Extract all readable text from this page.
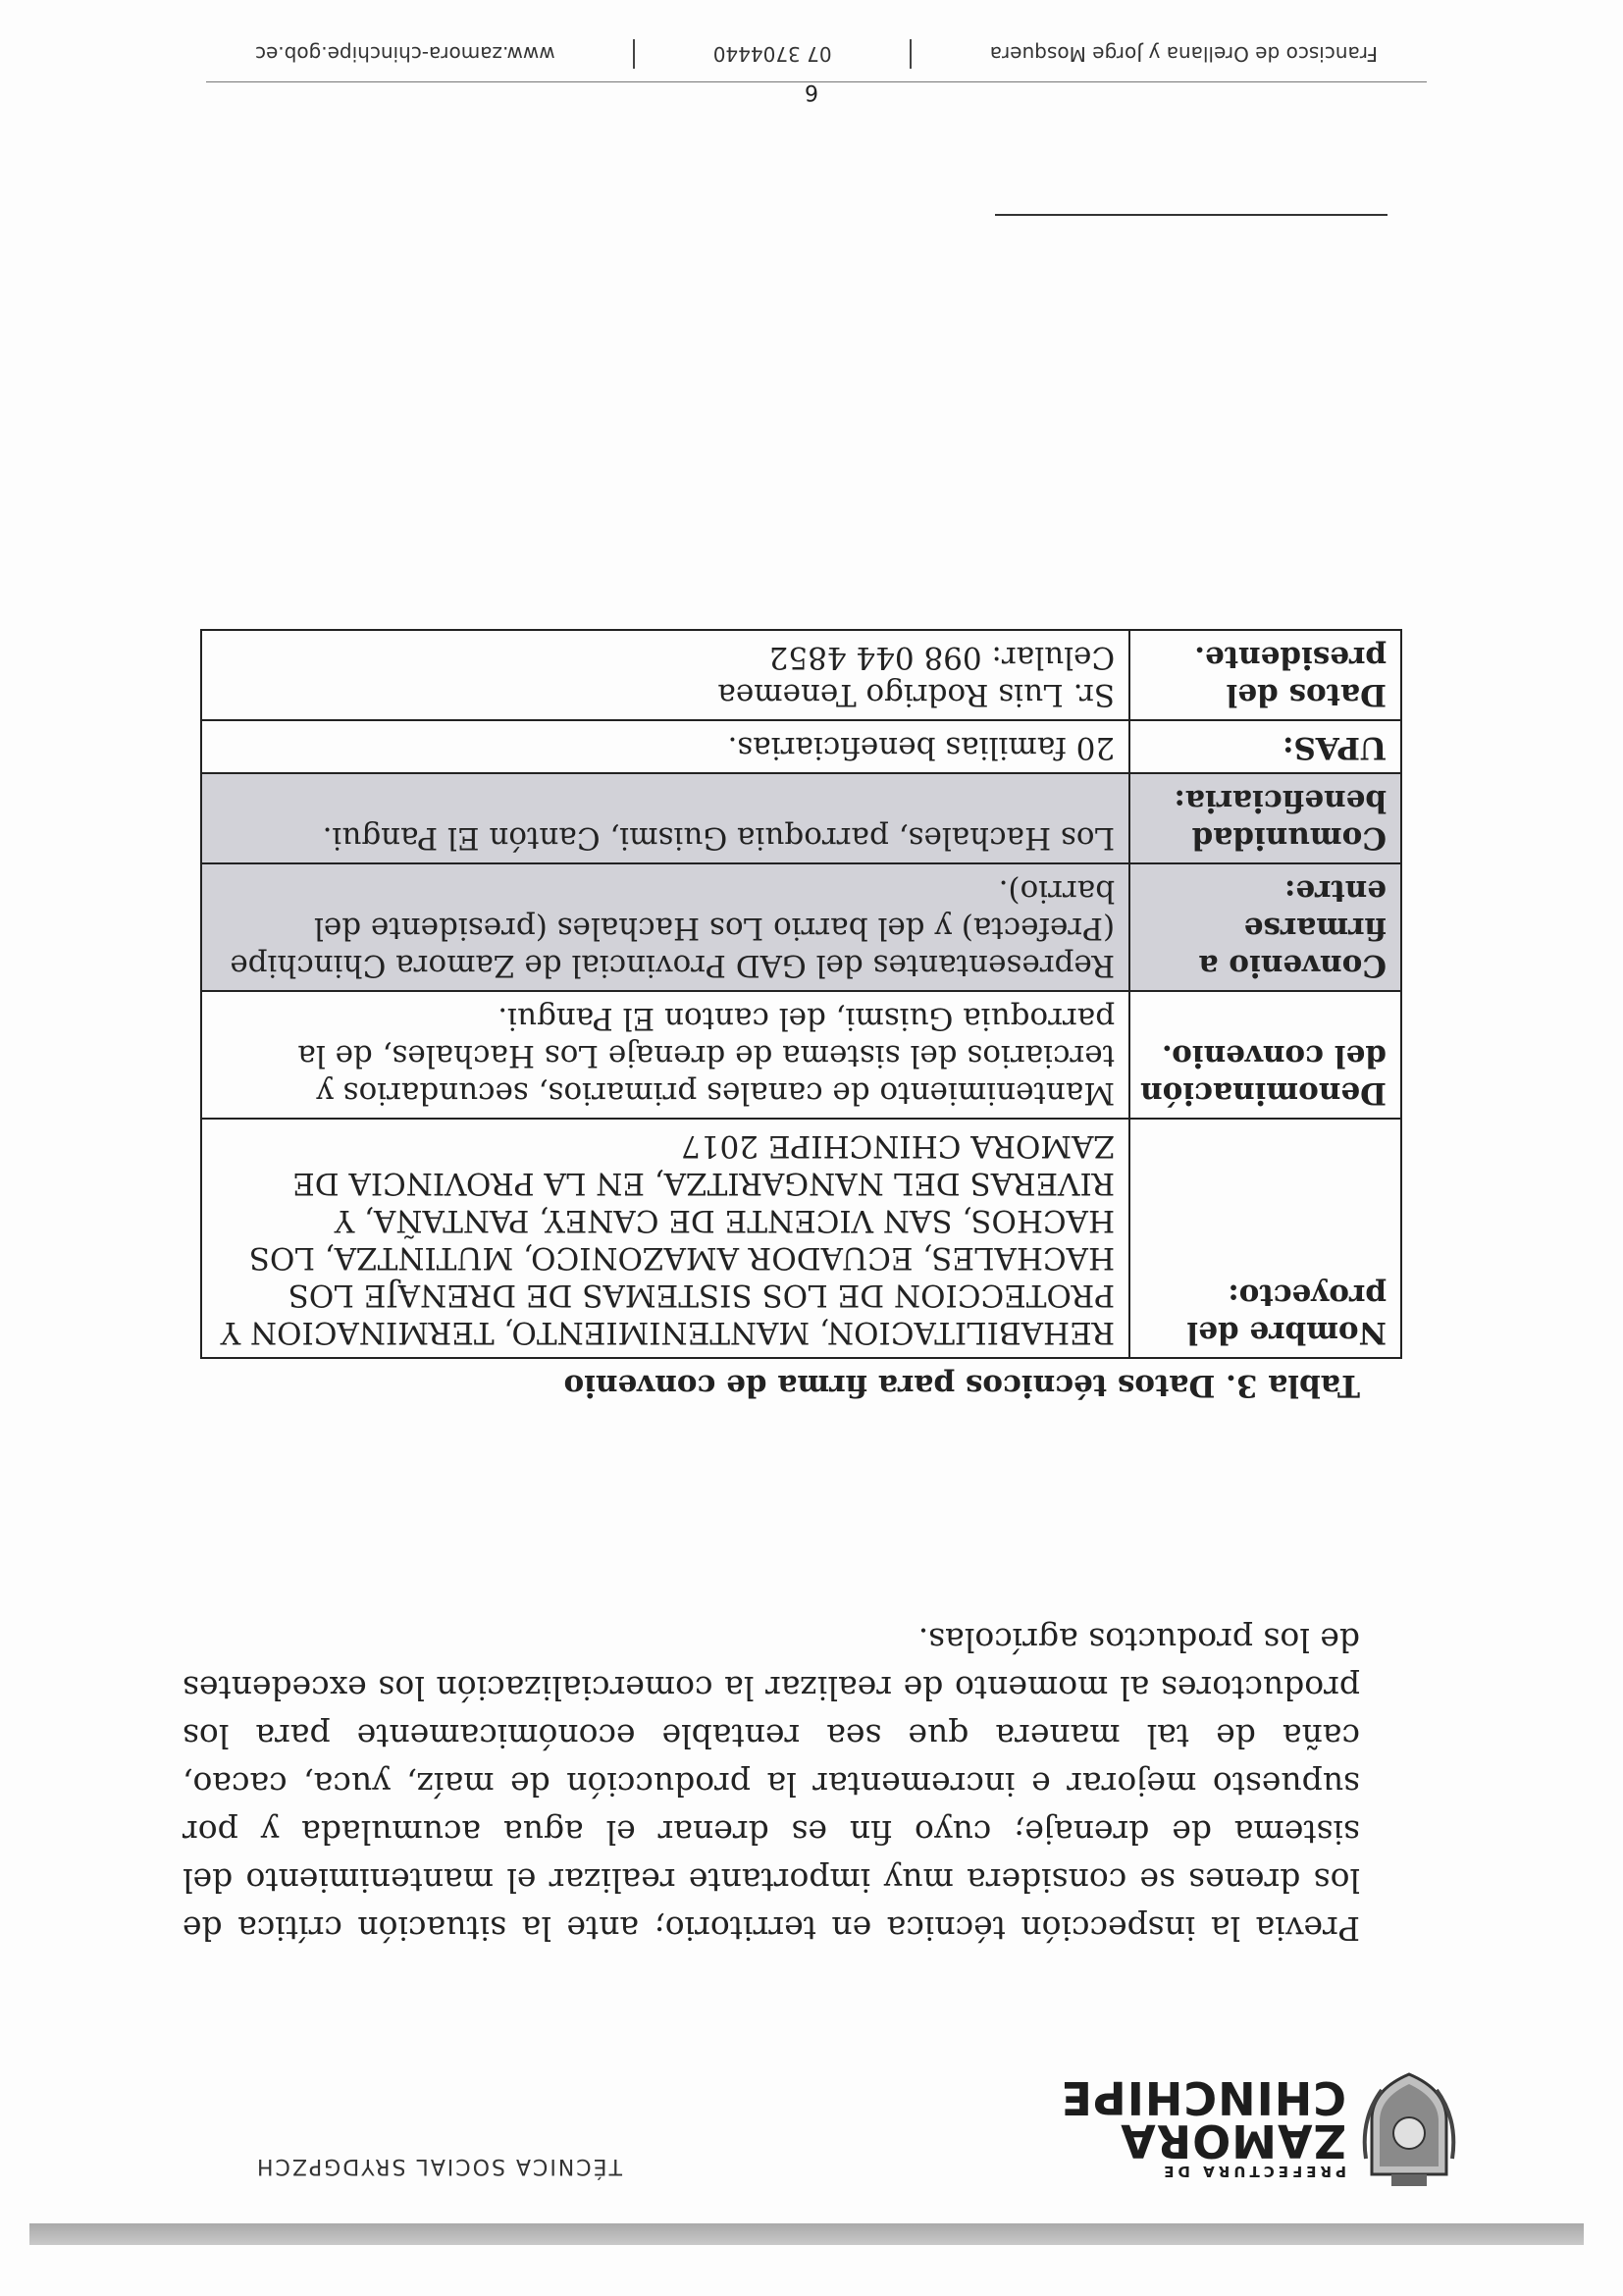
PREFECTURA DE
ZAMORA
CHINCHIPE
TÉCNICA SOCIAL SRYDGPZCH
Previa la inspección técnica en territorio; ante la situación crítica de los drenes se considera muy importante realizar el mantenimiento del sistema de drenaje; cuyo fin es drenar el agua acumulada y por supuesto mejorar e incrementar la producción de maíz, yuca, cacao, caña de tal manera que sea rentable económicamente para los productores al momento de realizar la comercialización los excedentes de los productos agrícolas.
Tabla 3. Datos técnicos para firma de convenio
Nombre del proyecto:	REHABILITACION, MANTENIMIENTO, TERMINACION Y PROTECCION DE LOS SISTEMAS DE DRENAJE LOS HACHALES, ECUADOR AMAZONICO, MUTINTZA, LOS HACHOS, SAN VICENTE DE CANEY, PANTAÑA, Y RIVERAS DEL NANGARITZA, EN LA PROVINCIA DE ZAMORA CHINCHIPE 2017
Denominación del convenio.	Mantenimiento de canales primarios, secundarios y terciarios del sistema de drenaje Los Hachales, de la parroquia Guismi, del canton El Pangui.
Convenio a firmarse entre:	Representantes del GAD Provincial de Zamora Chinchipe (Prefecta) y del barrio Los Hachales (presidente del barrio).
Comunidad beneficiaria:	Los Hachales, parroquia Guismi, Cantón El Pangui.
UPAS:	20 familias beneficiarias.
Datos del presidente.	Sr. Luis Rodrigo Tenemea
Celular: 098 044 4852
6
Francisco de Orellana y Jorge Mosquera
07 3704440
www.zamora-chinchipe.gob.ec
